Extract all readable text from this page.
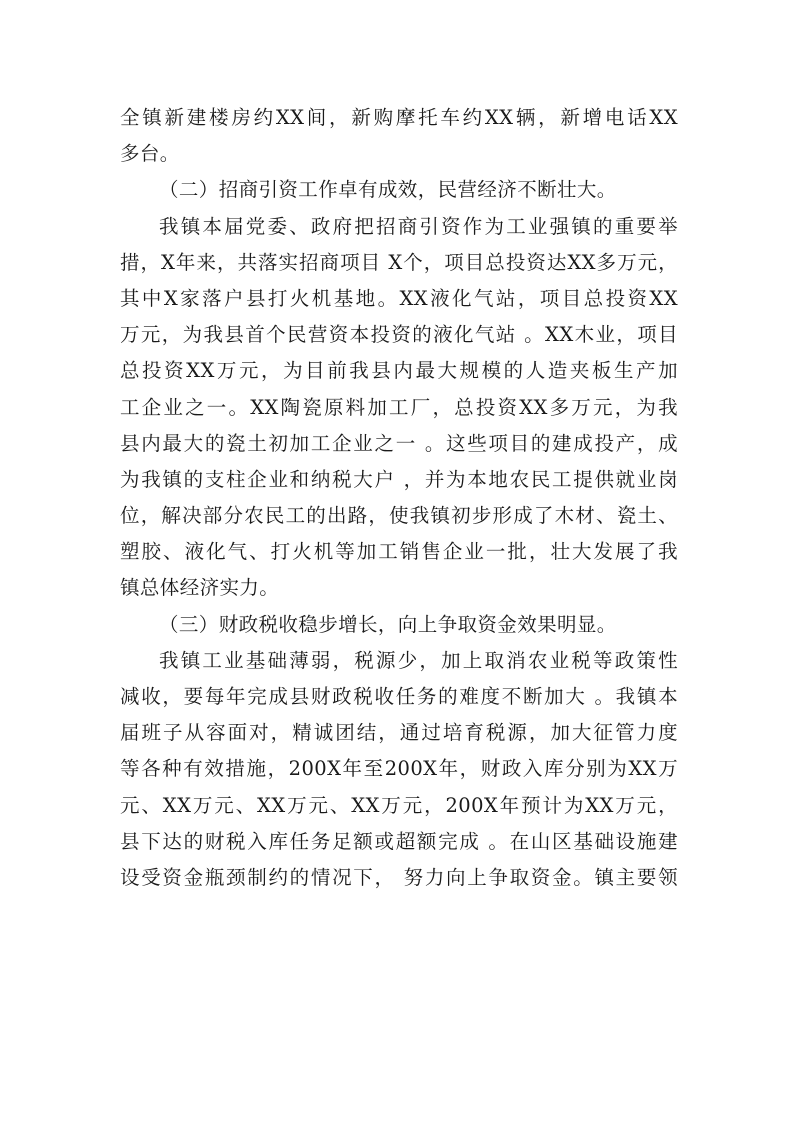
全镇新建楼房约XX间，新购摩托车约XX辆，新增电话XX
多台。
（二）招商引资工作卓有成效，民营经济不断壮大。
我镇本届党委、政府把招商引资作为工业强镇的重要举
措，X年来，共落实招商项目 X个，项目总投资达XX多万元，
其中X家落户县打火机基地。XX液化气站，项目总投资XX
万元，为我县首个民营资本投资的液化气站 。XX木业，项目
总投资XX万元，为目前我县内最大规模的人造夹板生产加
工企业之一。XX陶瓷原料加工厂，总投资XX多万元，为我
县内最大的瓷土初加工企业之一 。这些项目的建成投产，成
为我镇的支柱企业和纳税大户 ，并为本地农民工提供就业岗
位，解决部分农民工的出路，使我镇初步形成了木材、瓷土、
塑胶、液化气、打火机等加工销售企业一批，壮大发展了我
镇总体经济实力。
（三）财政税收稳步增长，向上争取资金效果明显。
我镇工业基础薄弱，税源少，加上取消农业税等政策性
减收，要每年完成县财政税收任务的难度不断加大 。我镇本
届班子从容面对，精诚团结，通过培育税源，加大征管力度
等各种有效措施，200X年至200X年，财政入库分别为XX万
元、XX万元、XX万元、XX万元，200X年预计为XX万元，
县下达的财税入库任务足额或超额完成 。在山区基础设施建
设受资金瓶颈制约的情况下， 努力向上争取资金。镇主要领
